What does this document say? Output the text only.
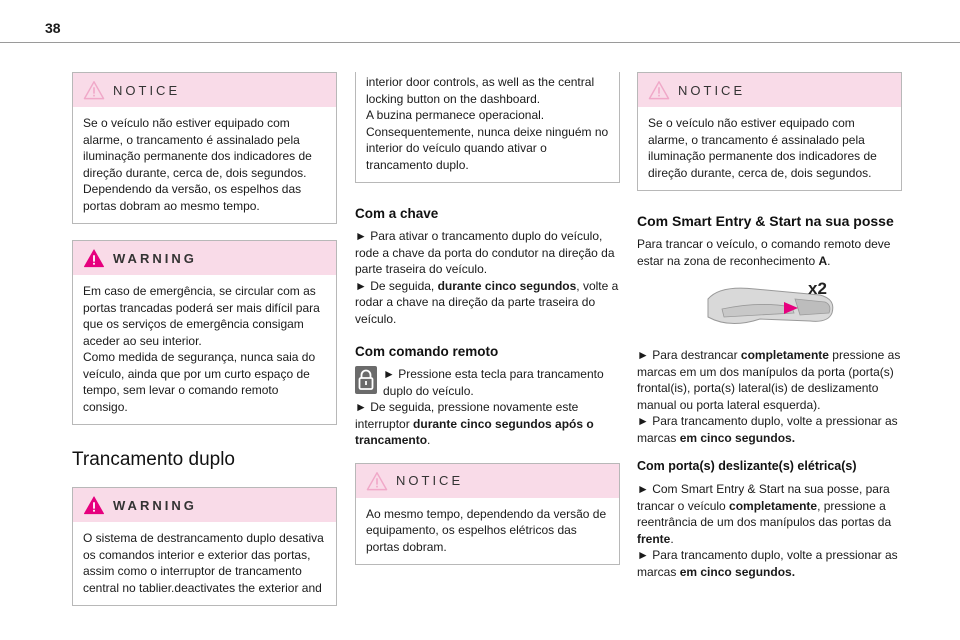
38
NOTICE

Se o veículo não estiver equipado com alarme, o trancamento é assinalado pela iluminação permanente dos indicadores de direção durante, cerca de, dois segundos. Dependendo da versão, os espelhos das portas dobram ao mesmo tempo.

WARNING

Em caso de emergência, se circular com as portas trancadas poderá ser mais difícil para que os serviços de emergência consigam aceder ao seu interior.

Como medida de segurança, nunca saia do veículo, ainda que por um curto espaço de tempo, sem levar o comando remoto consigo.

Trancamento duplo
WARNING

O sistema de destrancamento duplo desativa os comandos interior e exterior das portas, assim como o interruptor de trancamento central no tablier.deactivates the exterior and

interior door controls, as well as the central locking button on the dashboard.

A buzina permanece operacional.

Consequentemente, nunca deixe ninguém no interior do veículo quando ativar o trancamento duplo.

Com a chave

► Para ativar o trancamento duplo do veículo, rode a chave da porta do condutor na direção da parte traseira do veículo.

► De seguida, durante cinco segundos, volte a rodar a chave na direção da parte traseira do veículo.

Com comando remoto

► Pressione esta tecla para trancamento duplo do veículo.

► De seguida, pressione novamente este interruptor durante cinco segundos após o trancamento.

NOTICE

Ao mesmo tempo, dependendo da versão de equipamento, os espelhos elétricos das portas dobram.

NOTICE

Se o veículo não estiver equipado com alarme, o trancamento é assinalado pela iluminação permanente dos indicadores de direção durante, cerca de, dois segundos.

Com Smart Entry & Start na sua posse

Para trancar o veículo, o comando remoto deve estar na zona de reconhecimento A.

x2

► Para destrancar completamente pressione as marcas em um dos manípulos da porta (porta(s) frontal(is), porta(s) lateral(is) de deslizamento manual ou porta lateral esquerda).

► Para trancamento duplo, volte a pressionar as marcas em cinco segundos.

Com porta(s) deslizante(s) elétrica(s)

► Com Smart Entry & Start na sua posse, para trancar o veículo completamente, pressione a reentrância de um dos manípulos das portas da frente.

► Para trancamento duplo, volte a pressionar as marcas em cinco segundos.
